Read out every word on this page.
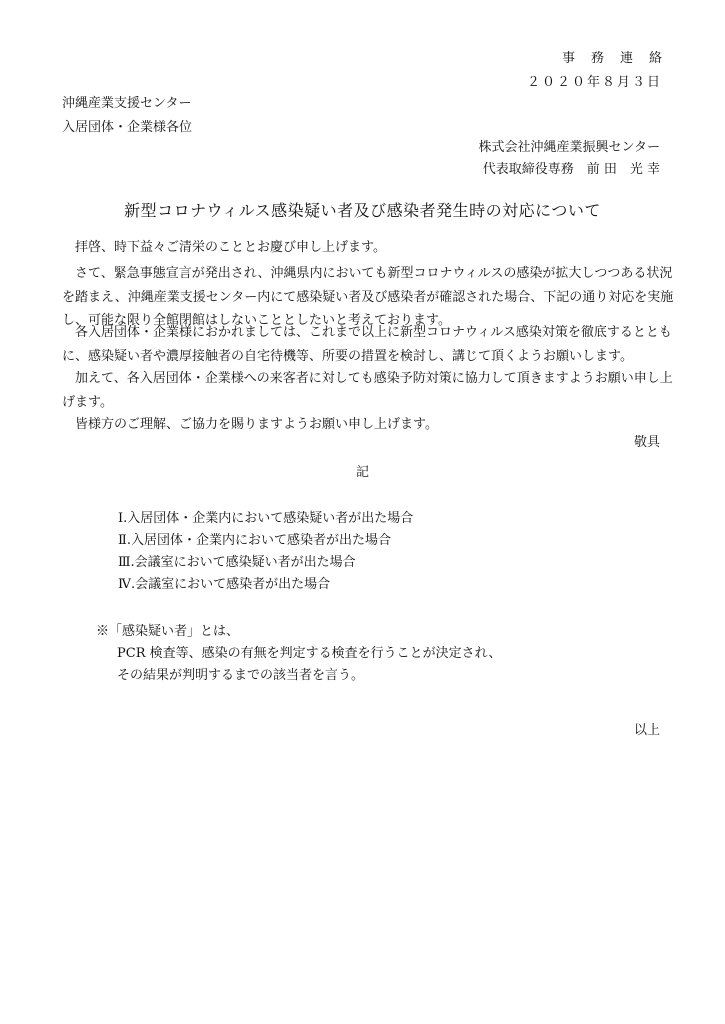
事務連絡
２０２０年８月３日
沖縄産業支援センター
入居団体・企業様各位
株式会社沖縄産業振興センター
代表取締役専務　前 田　光 幸
新型コロナウィルス感染疑い者及び感染者発生時の対応について
拝啓、時下益々ご清栄のこととお慶び申し上げます。
さて、緊急事態宣言が発出され、沖縄県内においても新型コロナウィルスの感染が拡大しつつある状況
を踏まえ、沖縄産業支援センター内にて感染疑い者及び感染者が確認された場合、下記の通り対応を実施
し、可能な限り全館閉館はしないこととしたいと考えております。
各入居団体・企業様におかれましては、これまで以上に新型コロナウィルス感染対策を徹底するととも
に、感染疑い者や濃厚接触者の自宅待機等、所要の措置を検討し、講じて頂くようお願いします。
加えて、各入居団体・企業様への来客者に対しても感染予防対策に協力して頂きますようお願い申し上
げます。
皆様方のご理解、ご協力を賜りますようお願い申し上げます。
敬具
記
Ⅰ.入居団体・企業内において感染疑い者が出た場合
Ⅱ.入居団体・企業内において感染者が出た場合
Ⅲ.会議室において感染疑い者が出た場合
Ⅳ.会議室において感染者が出た場合
※「感染疑い者」とは、
PCR 検査等、感染の有無を判定する検査を行うことが決定され、
その結果が判明するまでの該当者を言う。
以上
